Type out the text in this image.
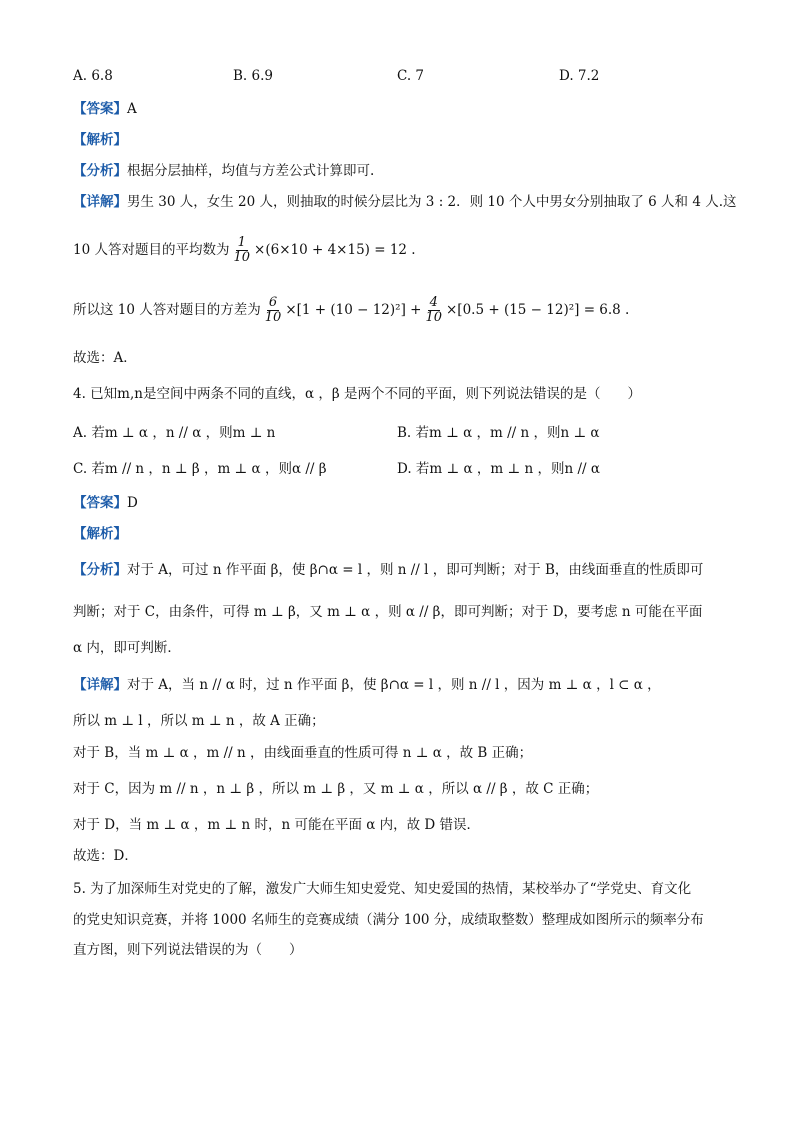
A. 6.8	B. 6.9	C. 7	D. 7.2
【答案】A
【解析】
【分析】根据分层抽样，均值与方差公式计算即可.
【详解】男生 30 人，女生 20 人，则抽取的时候分层比为 3 : 2．则 10 个人中男女分别抽取了 6 人和 4 人.这
10 人答对题目的平均数为 $\frac{1}{10} \times(6\times 10 + 4\times 15) = 12$ .
所以这 10 人答对题目的方差为 $\frac{6}{10} \times[1 + (10 - 12)^2] + \frac{4}{10} \times[0.5 + (15 - 12)^2] = 6.8$ .
故选：A．
4. 已知m,n是空间中两条不同的直线，α ，β 是两个不同的平面，则下列说法错误的是（　　）
A. 若m ⊥ α ，n // α ，则m ⊥ n	B. 若m ⊥ α ，m // n ，则n ⊥ α
C. 若m // n ，n ⊥ β ，m ⊥ α ，则α // β	D. 若m ⊥ α ，m ⊥ n ，则n // α
【答案】D
【解析】
【分析】对于 A，可过 n 作平面 β，使 β∩α = l ，则 n // l ，即可判断；对于 B，由线面垂直的性质即可
判断；对于 C，由条件，可得 m ⊥ β，又 m ⊥ α ，则 α // β，即可判断；对于 D，要考虑 n 可能在平面
α 内，即可判断．
【详解】对于 A，当 n // α 时，过 n 作平面 β，使 β∩α = l ，则 n // l ，因为 m ⊥ α ，l ⊂ α ，
所以 m ⊥ l ，所以 m ⊥ n ，故 A 正确；
对于 B，当 m ⊥ α ，m // n ，由线面垂直的性质可得 n ⊥ α ，故 B 正确；
对于 C，因为 m // n ，n ⊥ β ，所以 m ⊥ β ，又 m ⊥ α ，所以 α // β ，故 C 正确；
对于 D，当 m ⊥ α ，m ⊥ n 时，n 可能在平面 α 内，故 D 错误．
故选：D．
5. 为了加深师生对党史的了解，激发广大师生知史爱党、知史爱国的热情，某校举办了“学党史、育文化
的党史知识竞赛，并将 1000 名师生的竞赛成绩（满分 100 分，成绩取整数）整理成如图所示的频率分布
直方图，则下列说法错误的为（　　）
